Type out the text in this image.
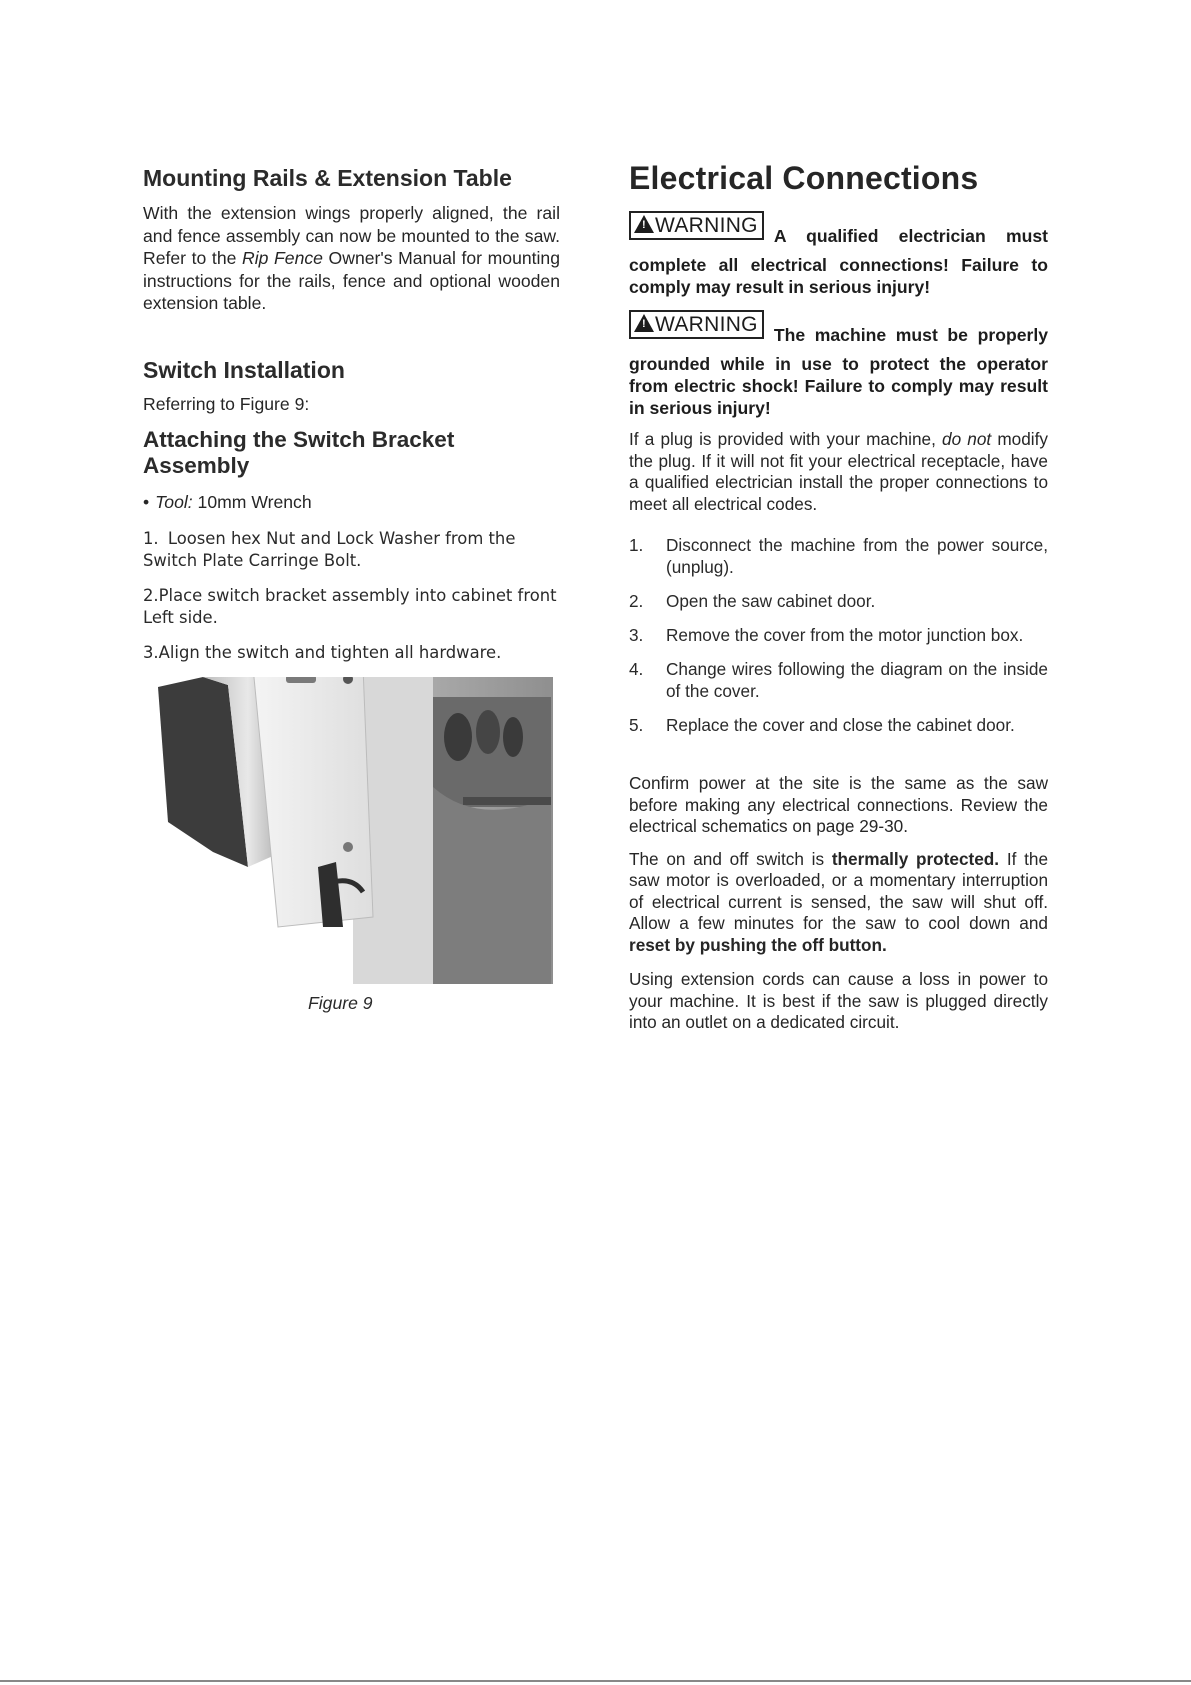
Mounting Rails & Extension Table

With the extension wings properly aligned, the rail and fence assembly can now be mounted to the saw. Refer to the Rip Fence Owner's Manual for mounting instructions for the rails, fence and optional wooden extension table.

Switch Installation

Referring to Figure 9:

Attaching the Switch Bracket Assembly

• Tool: 10mm Wrench

1. Loosen hex Nut and Lock Washer from the Switch Plate Carringe Bolt.
2.Place switch bracket assembly into cabinet front Left side.
3.Align the switch and tighten all hardware.
Figure 9
Electrical Connections

! WARNING A qualified electrician must complete all electrical connections! Failure to comply may result in serious injury!

! WARNING The machine must be properly grounded while in use to protect the operator from electric shock! Failure to comply may result in serious injury!

If a plug is provided with your machine, do not modify the plug. If it will not fit your electrical receptacle, have a qualified electrician install the proper connections to meet all electrical codes.

1.	Disconnect the machine from the power source, (unplug).
2.	Open the saw cabinet door.
3.	Remove the cover from the motor junction box.
4.	Change wires following the diagram on the inside of the cover.
5.	Replace the cover and close the cabinet door.

Confirm power at the site is the same as the saw before making any electrical connections. Review the electrical schematics on page 29-30.

The on and off switch is thermally protected. If the saw motor is overloaded, or a momentary interruption of electrical current is sensed, the saw will shut off. Allow a few minutes for the saw to cool down and reset by pushing the off button.

Using extension cords can cause a loss in power to your machine. It is best if the saw is plugged directly into an outlet on a dedicated circuit.
